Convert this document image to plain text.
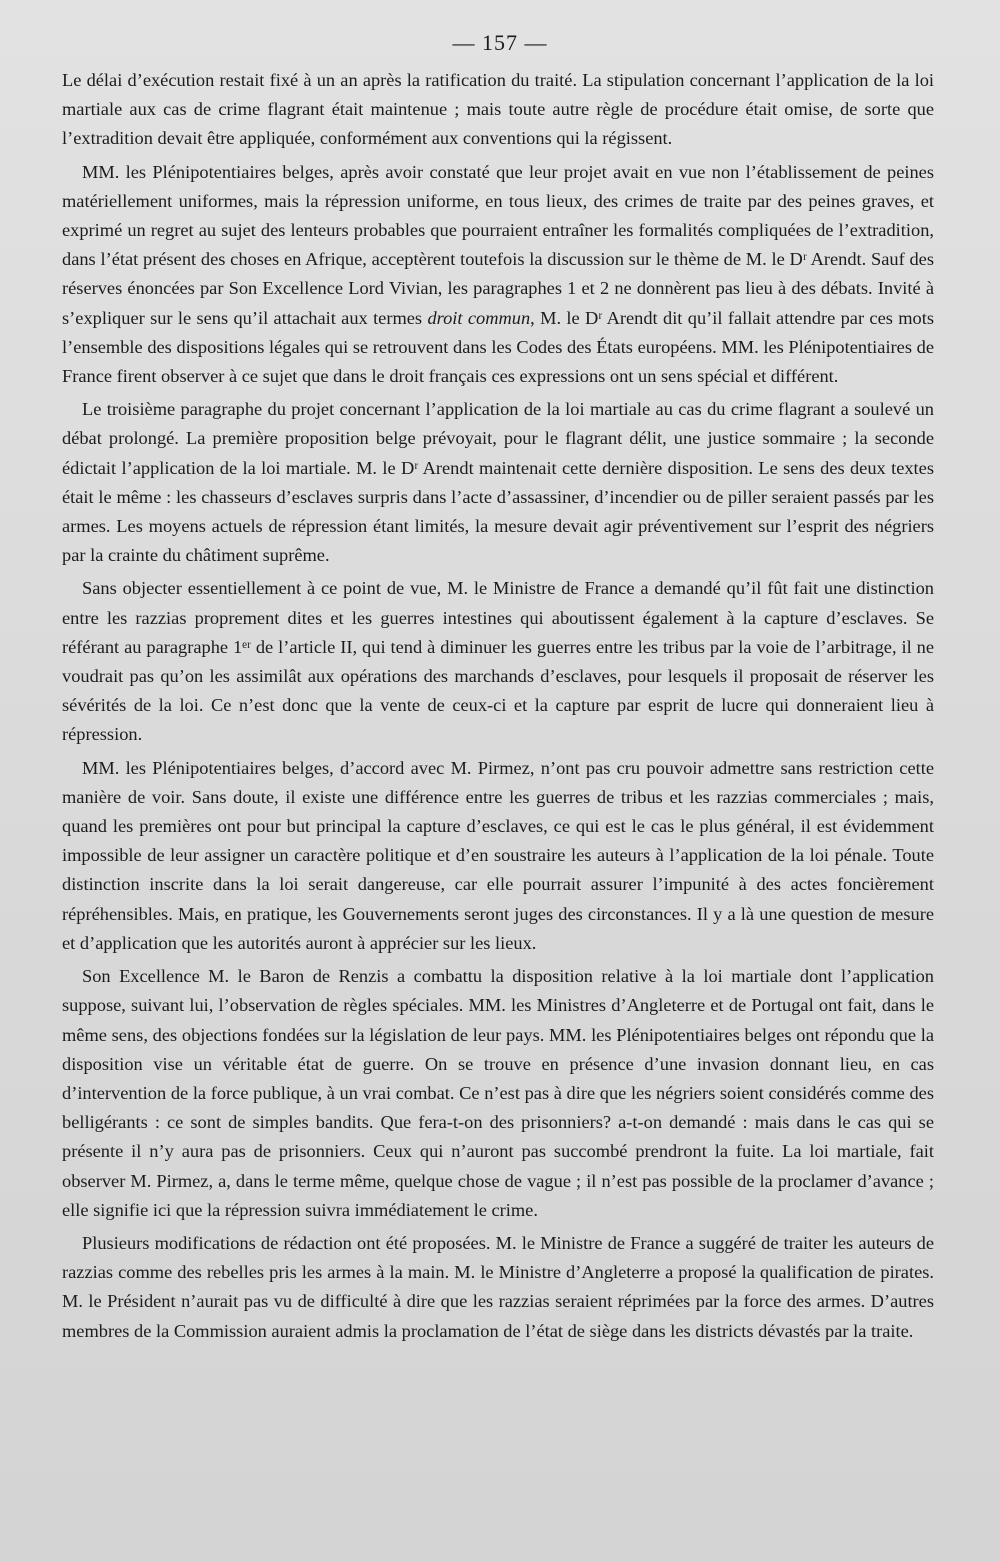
— 157 —

Le délai d’exécution restait fixé à un an après la ratification du traité. La stipulation concernant l’application de la loi martiale aux cas de crime flagrant était maintenue ; mais toute autre règle de procédure était omise, de sorte que l’extradition devait être appliquée, conformément aux conventions qui la régissent.

MM. les Plénipotentiaires belges, après avoir constaté que leur projet avait en vue non l’établissement de peines matériellement uniformes, mais la répression uniforme, en tous lieux, des crimes de traite par des peines graves, et exprimé un regret au sujet des lenteurs probables que pourraient entraîner les formalités compliquées de l’extradition, dans l’état présent des choses en Afrique, acceptèrent toutefois la discussion sur le thème de M. le Dʳ Arendt. Sauf des réserves énoncées par Son Excellence Lord Vivian, les paragraphes 1 et 2 ne donnèrent pas lieu à des débats. Invité à s’expliquer sur le sens qu’il attachait aux termes droit commun, M. le Dʳ Arendt dit qu’il fallait attendre par ces mots l’ensemble des dispositions légales qui se retrouvent dans les Codes des États européens. MM. les Plénipotentiaires de France firent observer à ce sujet que dans le droit français ces expressions ont un sens spécial et différent.

Le troisième paragraphe du projet concernant l’application de la loi martiale au cas du crime flagrant a soulevé un débat prolongé. La première proposition belge prévoyait, pour le flagrant délit, une justice sommaire ; la seconde édictait l’application de la loi martiale. M. le Dʳ Arendt maintenait cette dernière disposition. Le sens des deux textes était le même : les chasseurs d’esclaves surpris dans l’acte d’assassiner, d’incendier ou de piller seraient passés par les armes. Les moyens actuels de répression étant limités, la mesure devait agir préventivement sur l’esprit des négriers par la crainte du châtiment suprême.

Sans objecter essentiellement à ce point de vue, M. le Ministre de France a demandé qu’il fût fait une distinction entre les razzias proprement dites et les guerres intestines qui aboutissent également à la capture d’esclaves. Se référant au paragraphe 1ᵉʳ de l’article II, qui tend à diminuer les guerres entre les tribus par la voie de l’arbitrage, il ne voudrait pas qu’on les assimilât aux opérations des marchands d’esclaves, pour lesquels il proposait de réserver les sévérités de la loi. Ce n’est donc que la vente de ceux-ci et la capture par esprit de lucre qui donneraient lieu à répression.

MM. les Plénipotentiaires belges, d’accord avec M. Pirmez, n’ont pas cru pouvoir admettre sans restriction cette manière de voir. Sans doute, il existe une différence entre les guerres de tribus et les razzias commerciales ; mais, quand les premières ont pour but principal la capture d’esclaves, ce qui est le cas le plus général, il est évidemment impossible de leur assigner un caractère politique et d’en soustraire les auteurs à l’application de la loi pénale. Toute distinction inscrite dans la loi serait dangereuse, car elle pourrait assurer l’impunité à des actes foncièrement répréhensibles. Mais, en pratique, les Gouvernements seront juges des circonstances. Il y a là une question de mesure et d’application que les autorités auront à apprécier sur les lieux.

Son Excellence M. le Baron de Renzis a combattu la disposition relative à la loi martiale dont l’application suppose, suivant lui, l’observation de règles spéciales. MM. les Ministres d’Angleterre et de Portugal ont fait, dans le même sens, des objections fondées sur la législation de leur pays. MM. les Plénipotentiaires belges ont répondu que la disposition vise un véritable état de guerre. On se trouve en présence d’une invasion donnant lieu, en cas d’intervention de la force publique, à un vrai combat. Ce n’est pas à dire que les négriers soient considérés comme des belligérants : ce sont de simples bandits. Que fera-t-on des prisonniers? a-t-on demandé : mais dans le cas qui se présente il n’y aura pas de prisonniers. Ceux qui n’auront pas succombé prendront la fuite. La loi martiale, fait observer M. Pirmez, a, dans le terme même, quelque chose de vague ; il n’est pas possible de la proclamer d’avance ; elle signifie ici que la répression suivra immédiatement le crime.

Plusieurs modifications de rédaction ont été proposées. M. le Ministre de France a suggéré de traiter les auteurs de razzias comme des rebelles pris les armes à la main. M. le Ministre d’Angleterre a proposé la qualification de pirates. M. le Président n’aurait pas vu de difficulté à dire que les razzias seraient réprimées par la force des armes. D’autres membres de la Commission auraient admis la proclamation de l’état de siège dans les districts dévastés par la traite.
